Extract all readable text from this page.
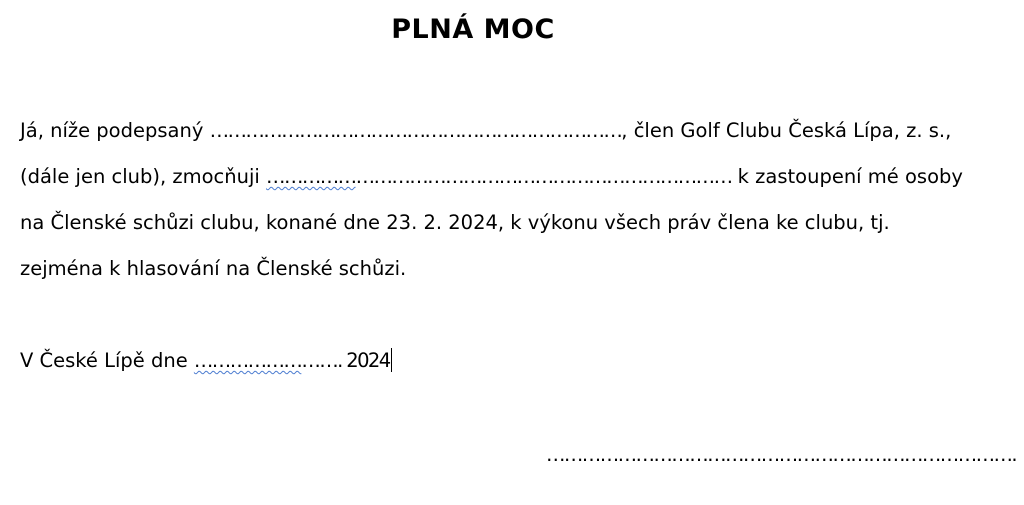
PLNÁ MOC
Já, níže podepsaný ……………………………………………………………, člen Golf Clubu Česká Lípa, z. s.,
(dále jen club), zmocňuji …………………………………………………………………… k zastoupení mé osoby
na Členské schůzi clubu, konané dne 23. 2. 2024, k výkonu všech práv člena ke clubu, tj.
zejména k hlasování na Členské schůzi.
V České Lípě dne ……………………. 2024
…………………………………………………………………….
